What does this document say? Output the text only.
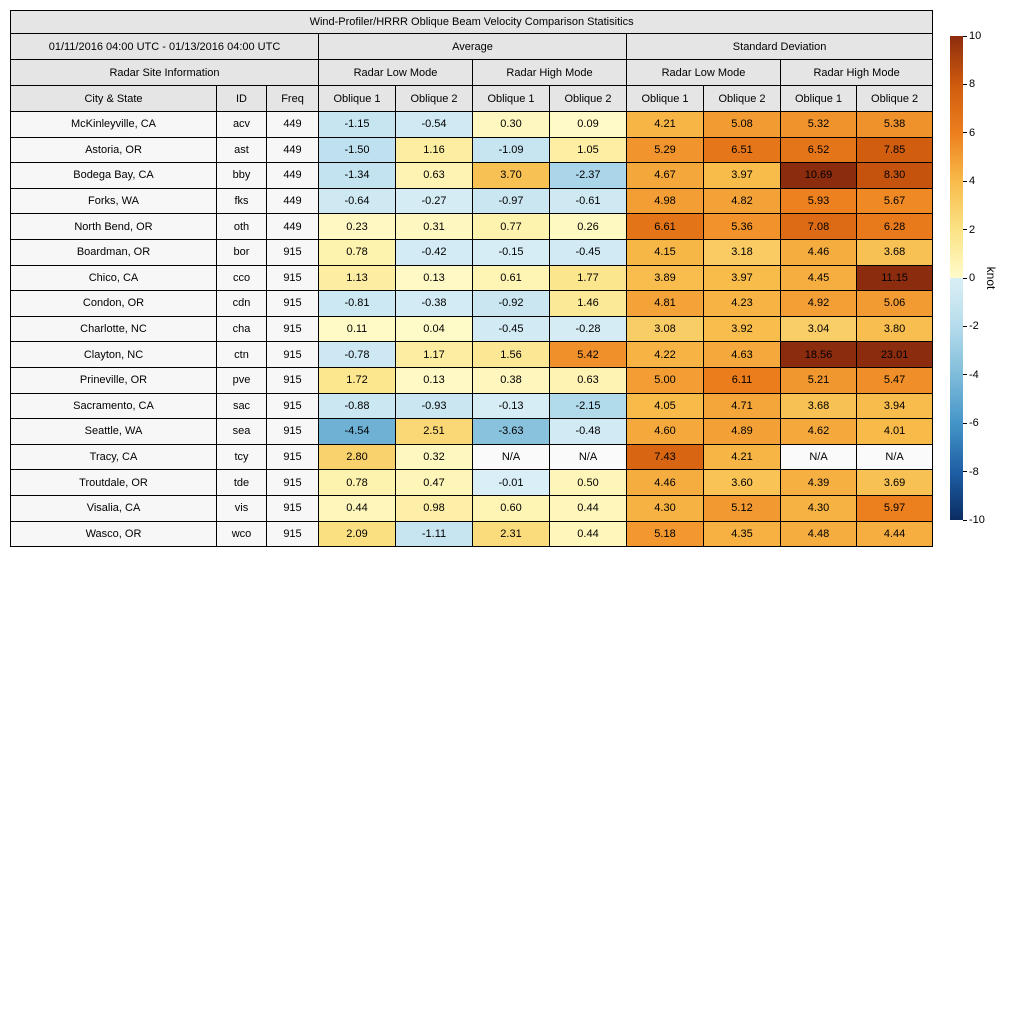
Wind-Profiler/HRRR Oblique Beam Velocity Comparison Statisitics										
01/11/2016 04:00 UTC - 01/13/2016 04:00 UTC			Average				Standard Deviation			
Radar Site Information			Radar Low Mode		Radar High Mode		Radar Low Mode		Radar High Mode	
City & State	ID	Freq	Oblique 1	Oblique 2	Oblique 1	Oblique 2	Oblique 1	Oblique 2	Oblique 1	Oblique 2
McKinleyville, CA	acv	449	-1.15	-0.54	0.30	0.09	4.21	5.08	5.32	5.38
Astoria, OR	ast	449	-1.50	1.16	-1.09	1.05	5.29	6.51	6.52	7.85
Bodega Bay, CA	bby	449	-1.34	0.63	3.70	-2.37	4.67	3.97	10.69	8.30
Forks, WA	fks	449	-0.64	-0.27	-0.97	-0.61	4.98	4.82	5.93	5.67
North Bend, OR	oth	449	0.23	0.31	0.77	0.26	6.61	5.36	7.08	6.28
Boardman, OR	bor	915	0.78	-0.42	-0.15	-0.45	4.15	3.18	4.46	3.68
Chico, CA	cco	915	1.13	0.13	0.61	1.77	3.89	3.97	4.45	11.15
Condon, OR	cdn	915	-0.81	-0.38	-0.92	1.46	4.81	4.23	4.92	5.06
Charlotte, NC	cha	915	0.11	0.04	-0.45	-0.28	3.08	3.92	3.04	3.80
Clayton, NC	ctn	915	-0.78	1.17	1.56	5.42	4.22	4.63	18.56	23.01
Prineville, OR	pve	915	1.72	0.13	0.38	0.63	5.00	6.11	5.21	5.47
Sacramento, CA	sac	915	-0.88	-0.93	-0.13	-2.15	4.05	4.71	3.68	3.94
Seattle, WA	sea	915	-4.54	2.51	-3.63	-0.48	4.60	4.89	4.62	4.01
Tracy, CA	tcy	915	2.80	0.32	N/A	N/A	7.43	4.21	N/A	N/A
Troutdale, OR	tde	915	0.78	0.47	-0.01	0.50	4.46	3.60	4.39	3.69
Visalia, CA	vis	915	0.44	0.98	0.60	0.44	4.30	5.12	4.30	5.97
Wasco, OR	wco	915	2.09	-1.11	2.31	0.44	5.18	4.35	4.48	4.44
10
8
6
4
2
0
-2
-4
-6
-8
-10
knot
